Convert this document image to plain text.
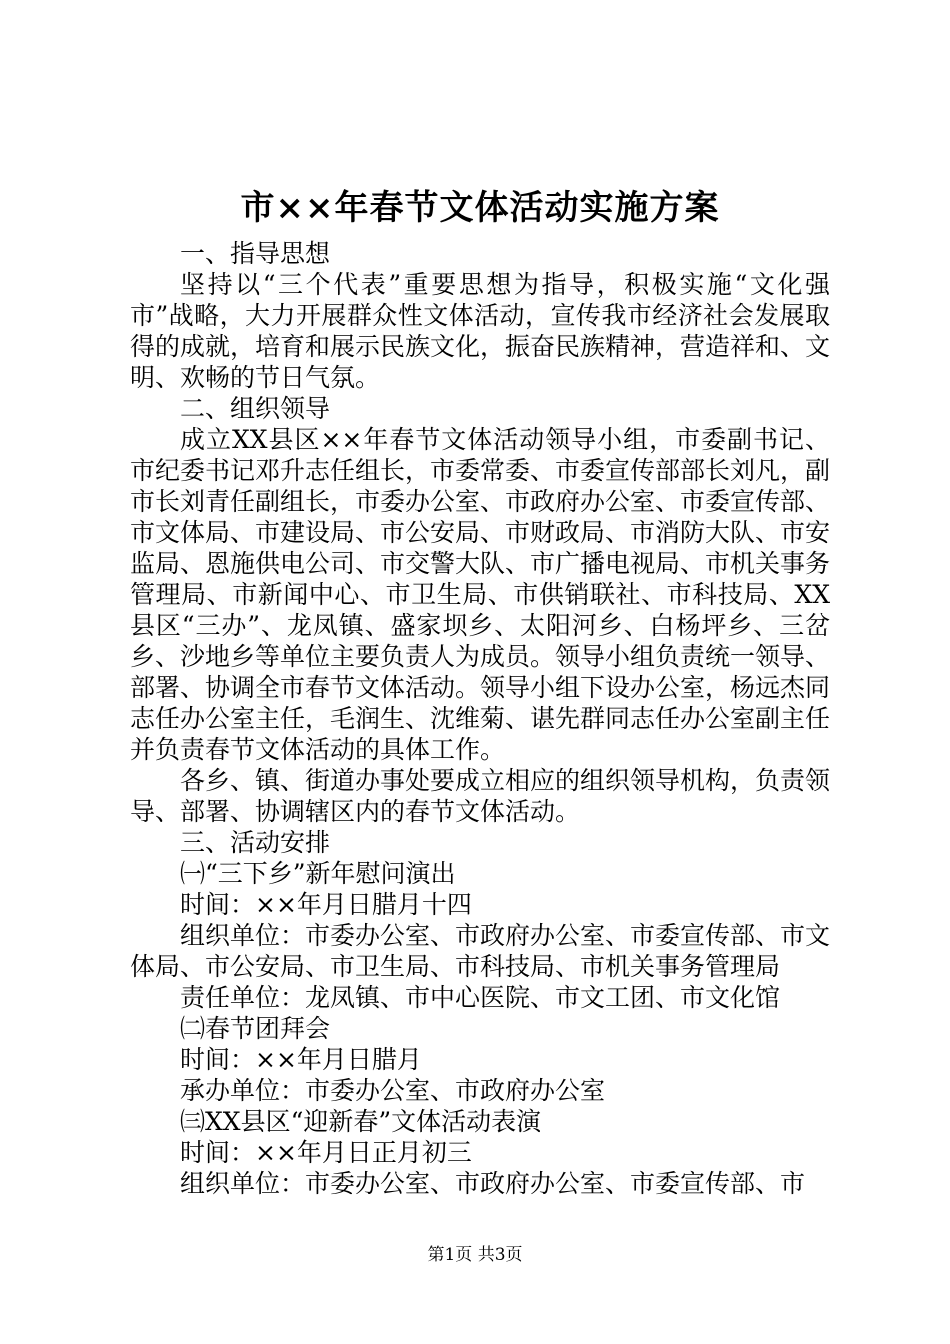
市××年春节文体活动实施方案

一、指导思想

坚持以“三个代表”重要思想为指导，积极实施“文化强市”战略，大力开展群众性文体活动，宣传我市经济社会发展取得的成就，培育和展示民族文化，振奋民族精神，营造祥和、文明、欢畅的节日气氛。

二、组织领导

成立XX县区××年春节文体活动领导小组，市委副书记、市纪委书记邓升志任组长，市委常委、市委宣传部部长刘凡，副市长刘青任副组长，市委办公室、市政府办公室、市委宣传部、市文体局、市建设局、市公安局、市财政局、市消防大队、市安监局、恩施供电公司、市交警大队、市广播电视局、市机关事务管理局、市新闻中心、市卫生局、市供销联社、市科技局、XX县区“三办”、龙凤镇、盛家坝乡、太阳河乡、白杨坪乡、三岔乡、沙地乡等单位主要负责人为成员。领导小组负责统一领导、部署、协调全市春节文体活动。领导小组下设办公室，杨远杰同志任办公室主任，毛润生、沈维菊、谌先群同志任办公室副主任并负责春节文体活动的具体工作。

各乡、镇、街道办事处要成立相应的组织领导机构，负责领导、部署、协调辖区内的春节文体活动。

三、活动安排

㈠“三下乡”新年慰问演出

时间：××年月日腊月十四

组织单位：市委办公室、市政府办公室、市委宣传部、市文体局、市公安局、市卫生局、市科技局、市机关事务管理局

责任单位：龙凤镇、市中心医院、市文工团、市文化馆

㈡春节团拜会

时间：××年月日腊月

承办单位：市委办公室、市政府办公室

㈢XX县区“迎新春”文体活动表演

时间：××年月日正月初三

组织单位：市委办公室、市政府办公室、市委宣传部、市

第1页 共3页
